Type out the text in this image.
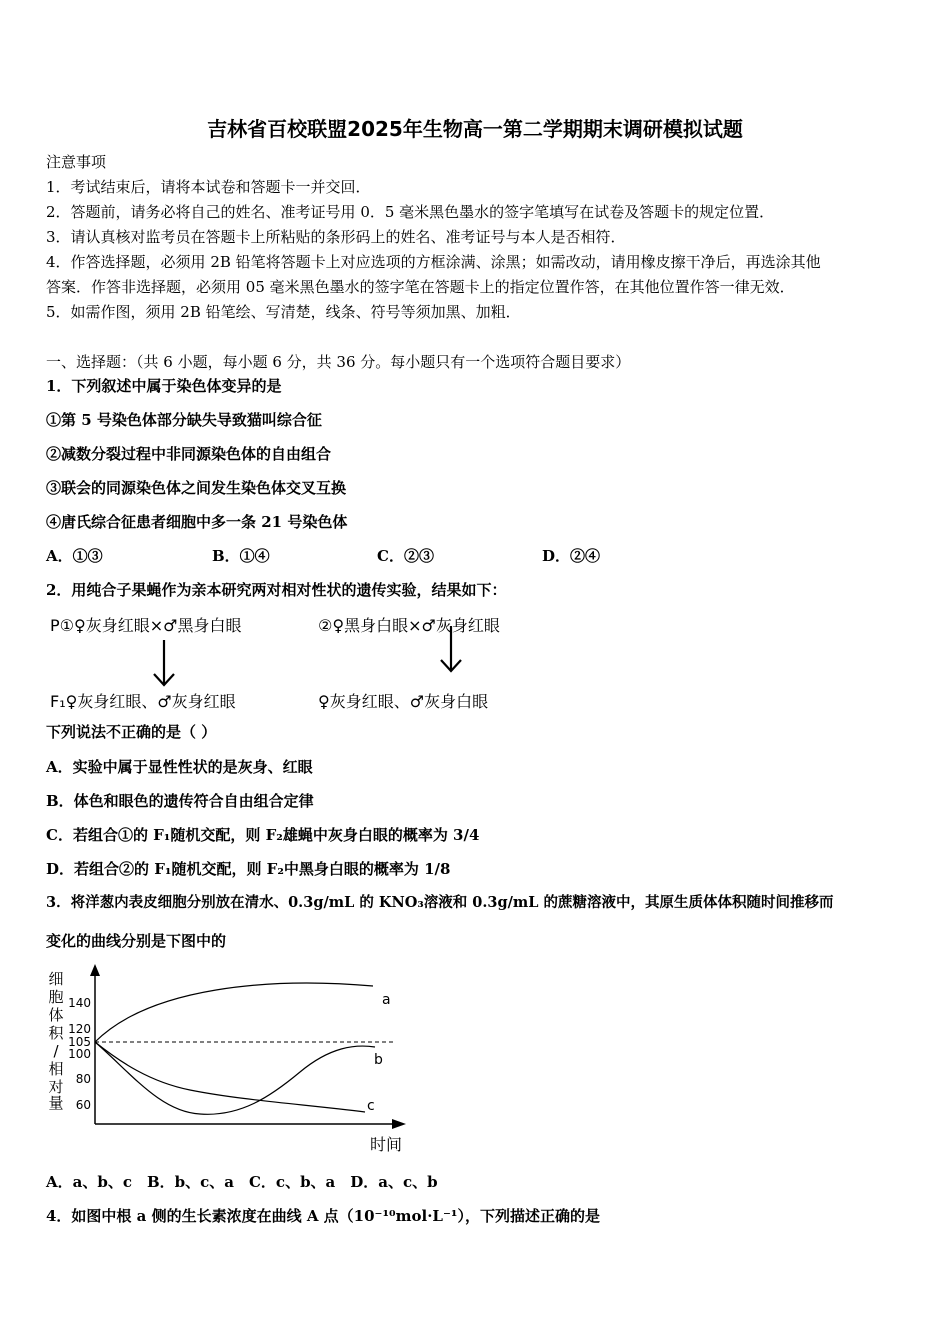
吉林省百校联盟2025年生物高一第二学期期末调研模拟试题
注意事项
1．考试结束后，请将本试卷和答题卡一并交回．
2．答题前，请务必将自己的姓名、准考证号用 0．5 毫米黑色墨水的签字笔填写在试卷及答题卡的规定位置．
3．请认真核对监考员在答题卡上所粘贴的条形码上的姓名、准考证号与本人是否相符．
4．作答选择题，必须用 2B 铅笔将答题卡上对应选项的方框涂满、涂黑；如需改动，请用橡皮擦干净后，再选涂其他
答案．作答非选择题，必须用 05 毫米黑色墨水的签字笔在答题卡上的指定位置作答，在其他位置作答一律无效．
5．如需作图，须用 2B 铅笔绘、写清楚，线条、符号等须加黑、加粗．
一、选择题：（共 6 小题，每小题 6 分，共 36 分。每小题只有一个选项符合题目要求）
1．下列叙述中属于染色体变异的是
①第 5 号染色体部分缺失导致猫叫综合征
②减数分裂过程中非同源染色体的自由组合
③联会的同源染色体之间发生染色体交叉互换
④唐氏综合征患者细胞中多一条 21 号染色体
A．①③	B．①④	C．②③	D．②④
2．用纯合子果蝇作为亲本研究两对相对性状的遗传实验，结果如下：
P①♀灰身红眼×♂黑身白眼	②♀黑身白眼×♂灰身红眼
F₁♀灰身红眼、♂灰身红眼	♀灰身红眼、♂灰身白眼
下列说法不正确的是（ ）
A．实验中属于显性性状的是灰身、红眼
B．体色和眼色的遗传符合自由组合定律
C．若组合①的 F₁随机交配，则 F₂雄蝇中灰身白眼的概率为 3/4
D．若组合②的 F₁随机交配，则 F₂中黑身白眼的概率为 1/8
3．将洋葱内表皮细胞分别放在清水、0.3g/mL 的 KNO₃溶液和 0.3g/mL 的蔗糖溶液中，其原生质体体积随时间推移而
变化的曲线分别是下图中的
细
胞
体
积
/
相
对
量
140
120
105
100
80
60
a
b
c
时间
A．a、b、c　B．b、c、a　C．c、b、a　D．a、c、b
4．如图中根 a 侧的生长素浓度在曲线 A 点（10⁻¹⁰mol·L⁻¹），下列描述正确的是
